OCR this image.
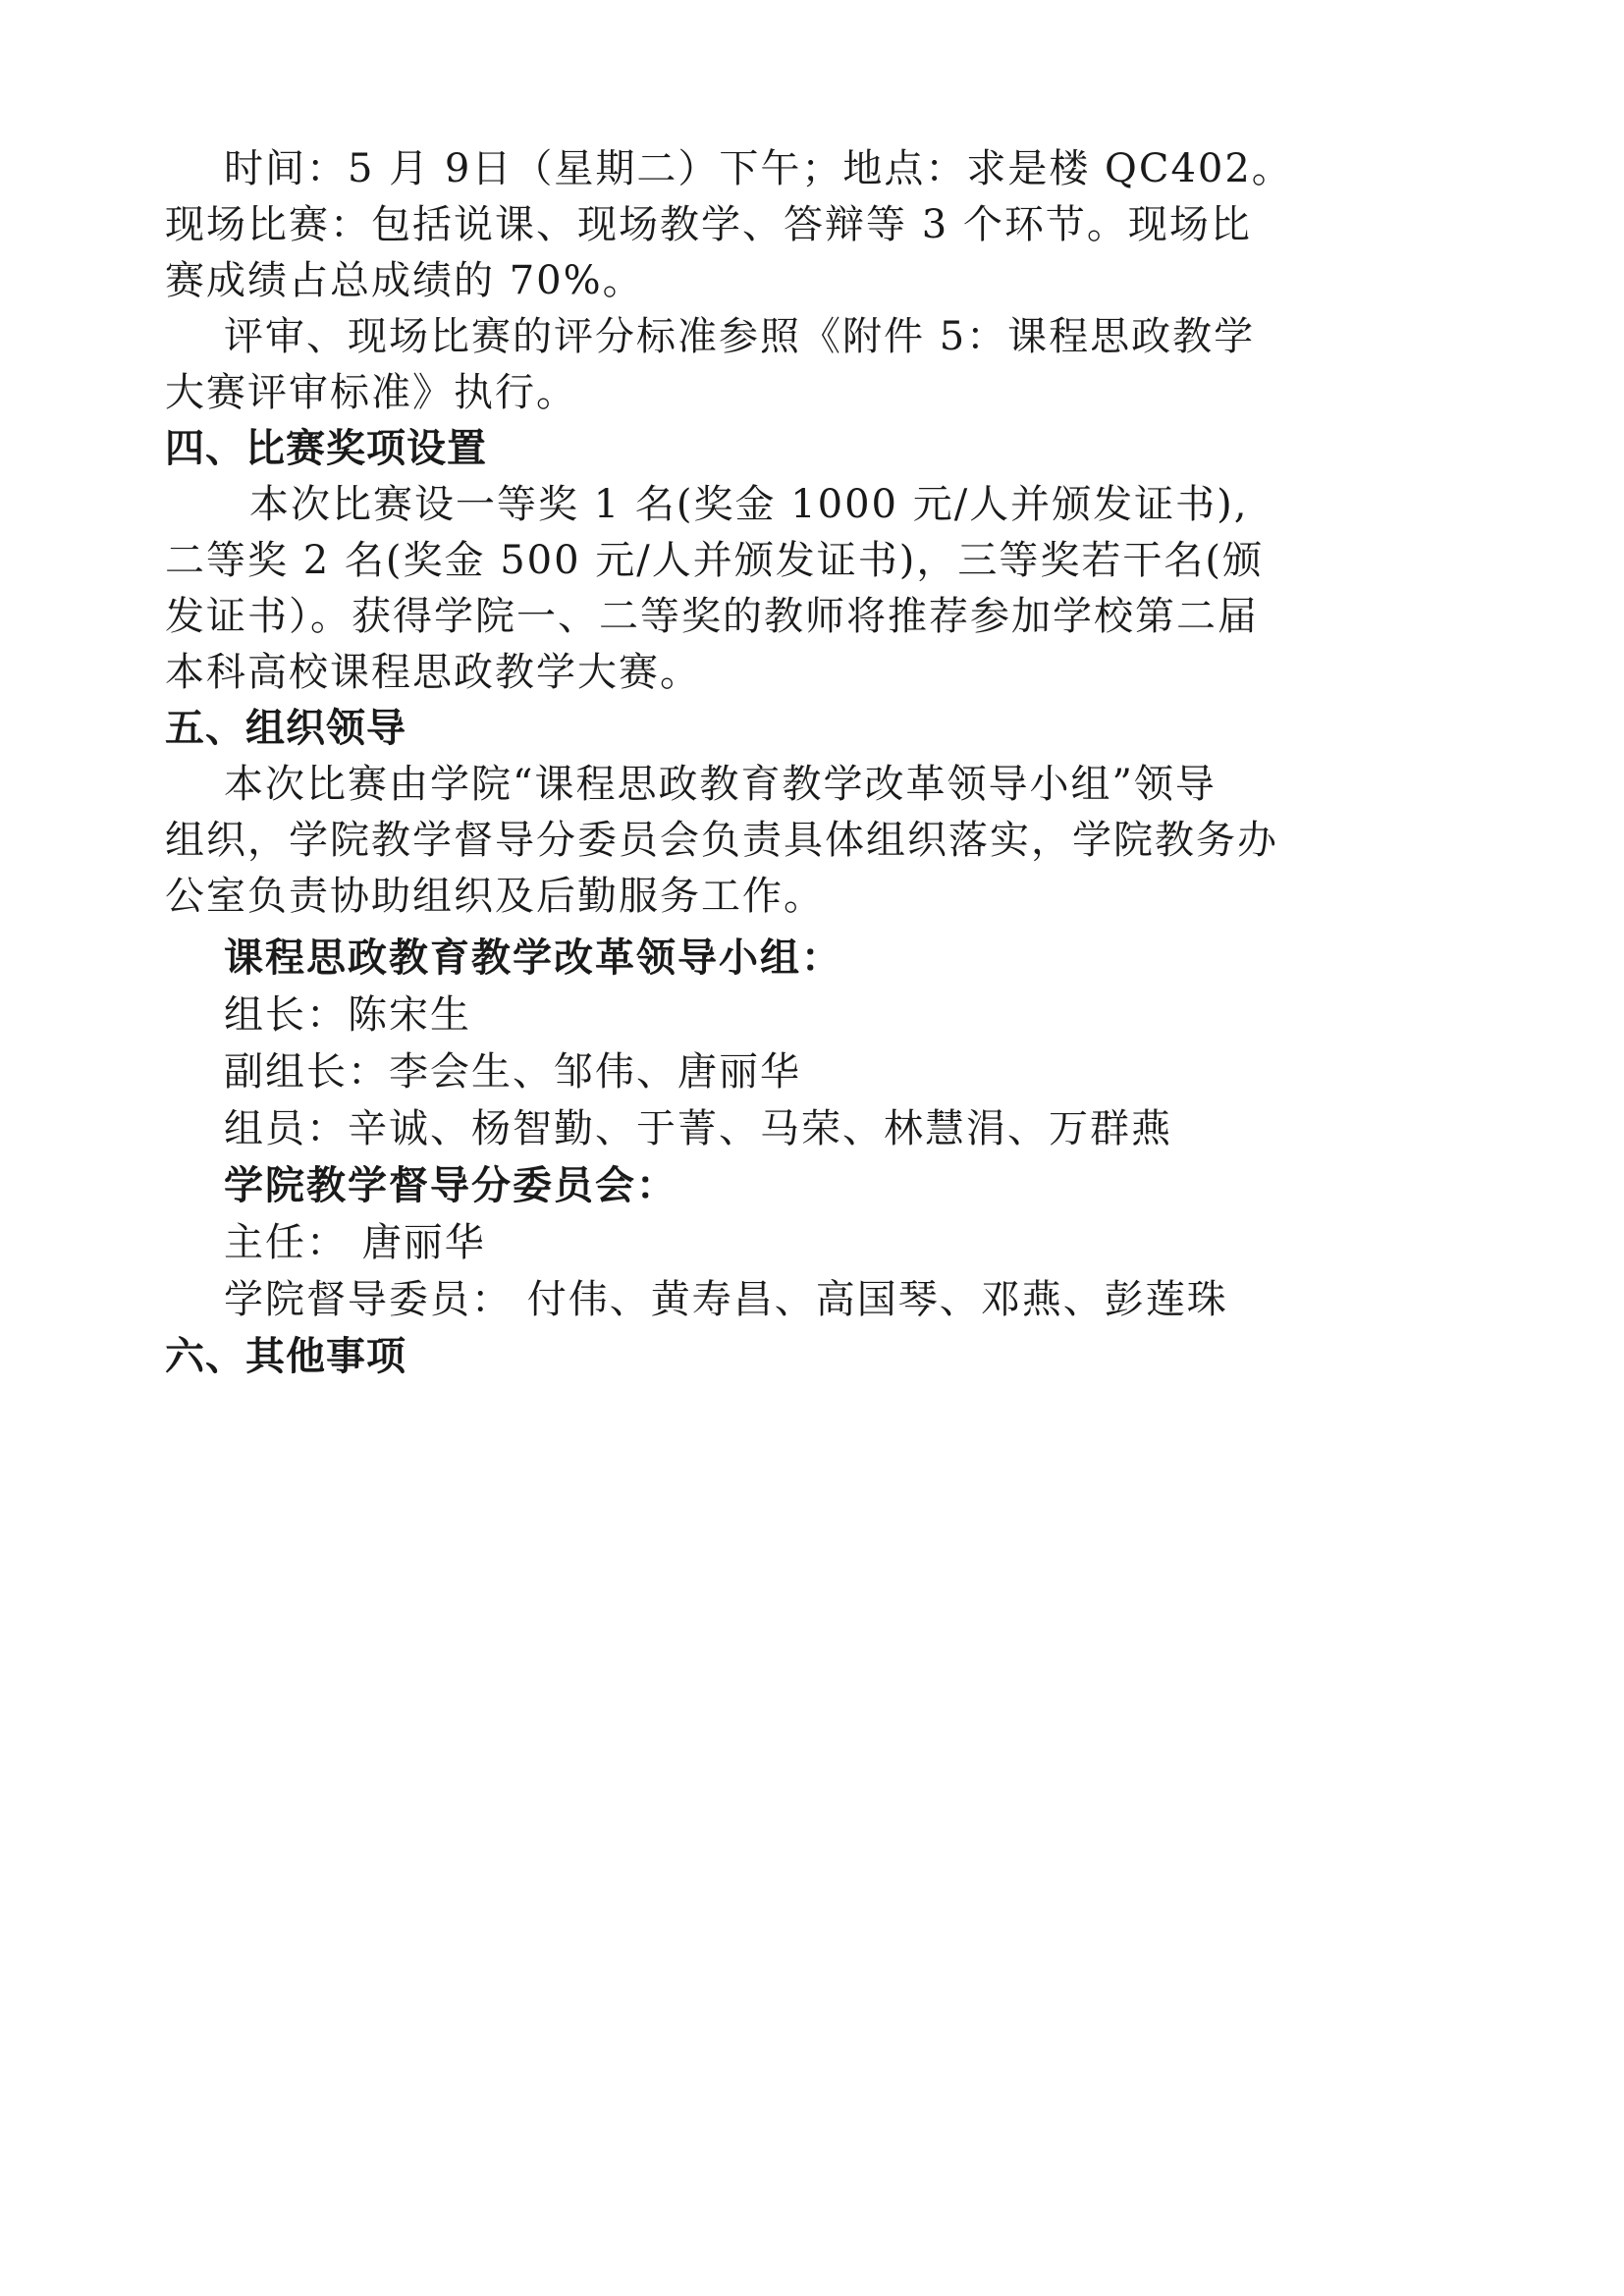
时间：5 月 9日（星期二）下午；地点：求是楼 QC402。
现场比赛：包括说课、现场教学、答辩等 3 个环节。现场比
赛成绩占总成绩的 70%。
评审、现场比赛的评分标准参照《附件 5：课程思政教学
大赛评审标准》执行。
四、比赛奖项设置
本次比赛设一等奖 1 名(奖金 1000 元/人并颁发证书),
二等奖 2 名(奖金 500 元/人并颁发证书)，三等奖若干名(颁
发证书）。获得学院一、二等奖的教师将推荐参加学校第二届
本科高校课程思政教学大赛。
五、组织领导
本次比赛由学院“课程思政教育教学改革领导小组”领导
组织，学院教学督导分委员会负责具体组织落实，学院教务办
公室负责协助组织及后勤服务工作。
课程思政教育教学改革领导小组：
组长：陈宋生
副组长：李会生、邹伟、唐丽华
组员：辛诚、杨智勤、于菁、马荣、林慧涓、万群燕
学院教学督导分委员会：
主任： 唐丽华
学院督导委员： 付伟、黄寿昌、高国琴、邓燕、彭莲珠
六、其他事项
